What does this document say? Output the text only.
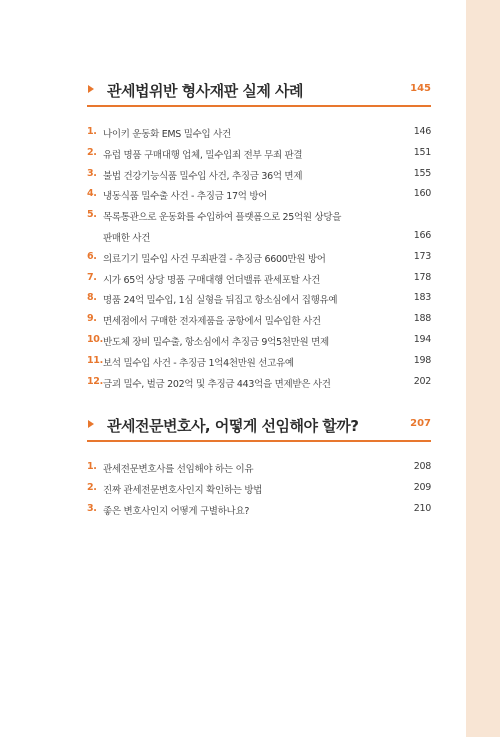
관세법위반 형사재판 실제 사례	145
1. 나이키 운동화 EMS 밀수입 사건	146
2. 유럽 명품 구매대행 업체, 밀수입죄 전부 무죄 판결	151
3. 불법 건강기능식품 밀수입 사건, 추징금 36억 면제	155
4. 냉동식품 밀수출 사건 - 추징금 17억 방어	160
5. 목록통관으로 운동화를 수입하여 플랫폼으로 25억원 상당을
판매한 사건	166
6. 의료기기 밀수입 사건 무죄판결 - 추징금 6600만원 방어	173
7. 시가 65억 상당 명품 구매대행 언더밸류 관세포탈 사건	178
8. 명품 24억 밀수입, 1심 실형을 뒤집고 항소심에서 집행유예	183
9. 면세점에서 구매한 전자제품을 공항에서 밀수입한 사건	188
10. 반도체 장비 밀수출, 항소심에서 추징금 9억5천만원 면제	194
11. 보석 밀수입 사건 - 추징금 1억4천만원 선고유예	198
12. 금괴 밀수, 벌금 202억 및 추징금 443억을 면제받은 사건	202
관세전문변호사, 어떻게 선임해야 할까?	207
1. 관세전문변호사를 선임해야 하는 이유	208
2. 진짜 관세전문변호사인지 확인하는 방법	209
3. 좋은 변호사인지 어떻게 구별하나요?	210
